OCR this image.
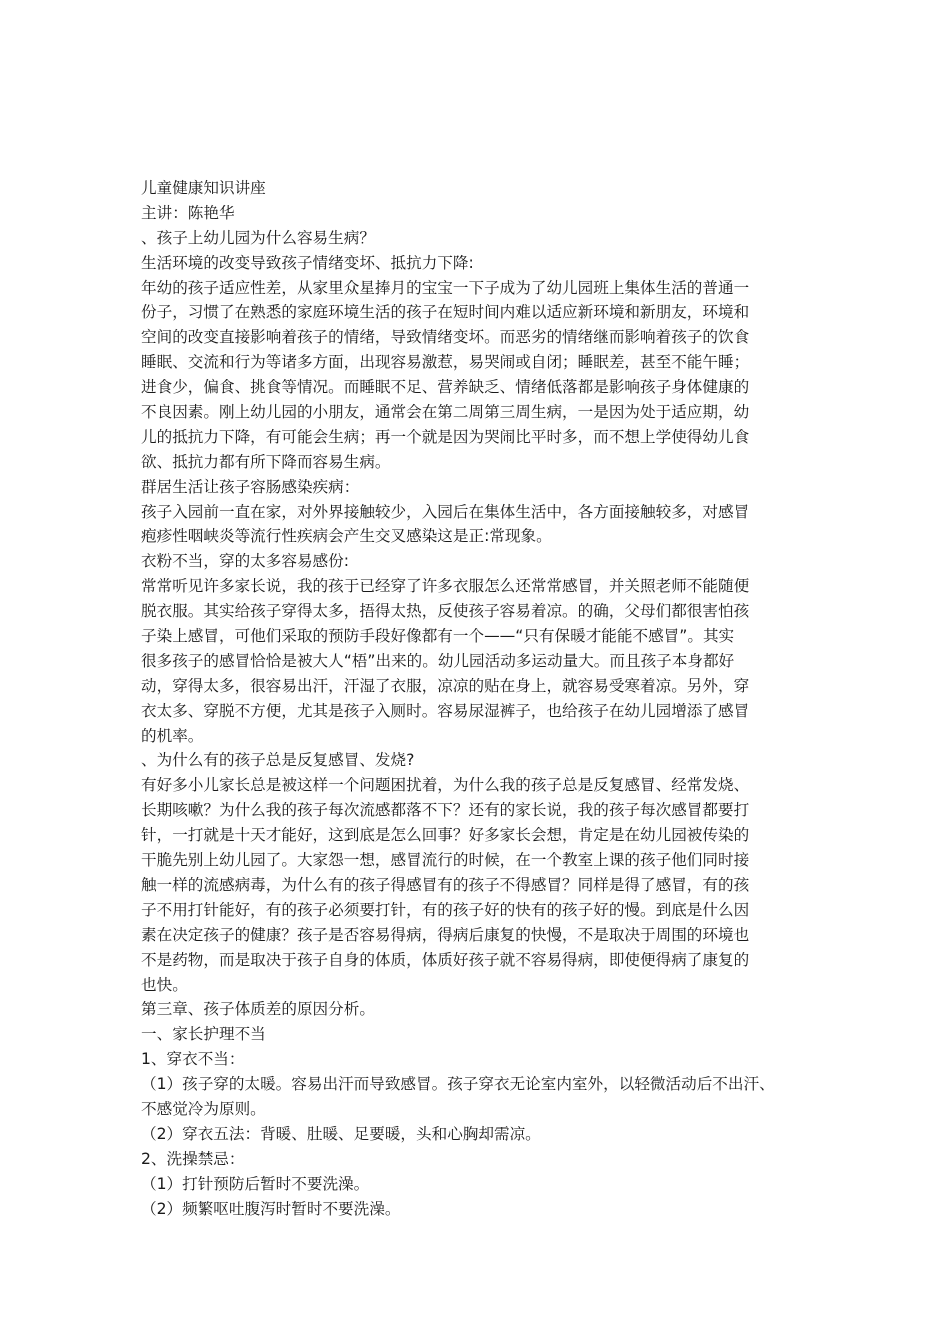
儿童健康知识讲座

主讲：陈艳华

、孩子上幼儿园为什么容易生病？

生活环境的改变导致孩子情绪变坏、抵抗力下降:

年幼的孩子适应性差，从家里众星捧月的宝宝一下子成为了幼儿园班上集体生活的普通一

份子，习惯了在熟悉的家庭环境生活的孩子在短时间内难以适应新环境和新朋友，环境和

空间的改变直接影响着孩子的情绪，导致情绪变坏。而恶劣的情绪继而影响着孩子的饮食

睡眠、交流和行为等诸多方面，出现容易激惹，易哭闹或自闭；睡眠差，甚至不能午睡；

进食少，偏食、挑食等情况。而睡眠不足、营养缺乏、情绪低落都是影响孩子身体健康的

不良因素。刚上幼儿园的小朋友，通常会在第二周第三周生病，一是因为处于适应期，幼

儿的抵抗力下降，有可能会生病；再一个就是因为哭闹比平时多，而不想上学使得幼儿食

欲、抵抗力都有所下降而容易生病。

群居生活让孩子容肠感染疾病：

孩子入园前一直在家，对外界接触较少，入园后在集体生活中，各方面接触较多，对感冒

疱疹性咽峡炎等流行性疾病会产生交叉感染这是正:常现象。

衣粉不当，穿的太多容易感份:

常常听见许多家长说，我的孩于已经穿了许多衣服怎么还常常感冒，并关照老师不能随便

脱衣服。其实给孩子穿得太多，捂得太热，反使孩子容易着凉。的确，父母们都很害怕孩

子染上感冒，可他们采取的预防手段好像都有一个——“只有保暖才能能不感冒”。其实

很多孩子的感冒恰恰是被大人“梧”出来的。幼儿园活动多运动量大。而且孩子本身都好

动，穿得太多，很容易出汗，汗湿了衣服，凉凉的贴在身上，就容易受寒着凉。另外，穿

衣太多、穿脱不方便，尤其是孩子入厕时。容易尿湿裤子，也给孩子在幼儿园增添了感冒

的机率。

、为什么有的孩子总是反复感冒、发烧?

有好多小儿家长总是被这样一个问题困扰着，为什么我的孩子总是反复感冒、经常发烧、

长期咳嗽？为什么我的孩子每次流感都落不下？还有的家长说，我的孩子每次感冒都要打

针，一打就是十天才能好，这到底是怎么回事？好多家长会想，肯定是在幼儿园被传染的

干脆先别上幼儿园了。大家怨一想，感冒流行的时候，在一个教室上课的孩子他们同时接

触一样的流感病毒，为什么有的孩子得感冒有的孩子不得感冒？同样是得了感冒，有的孩

子不用打针能好，有的孩子必须要打针，有的孩子好的快有的孩子好的慢。到底是什么因

素在决定孩子的健康？孩子是否容易得病，得病后康复的快慢，不是取决于周围的环境也

不是药物，而是取决于孩子自身的体质，体质好孩子就不容易得病，即使便得病了康复的

也快。

第三章、孩子体质差的原因分析。

一、家长护理不当

1、穿衣不当：

（1）孩子穿的太暖。容易出汗而导致感冒。孩子穿衣无论室内室外，以轻微活动后不出汗、

不感觉冷为原则。

（2）穿衣五法：背暖、肚暖、足要暖，头和心胸却需凉。

2、洗操禁忌：

（1）打针预防后暂时不要洗澡。

（2）频繁呕吐腹泻时暂时不要洗澡。
